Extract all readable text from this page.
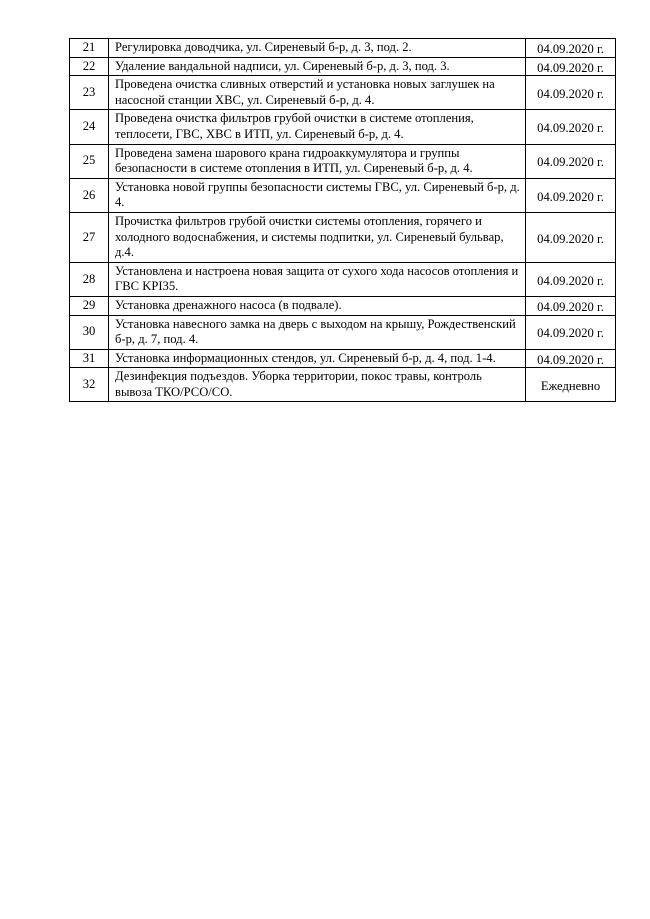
21	Регулировка доводчика, ул. Сиреневый б-р, д. 3, под. 2.	04.09.2020 г.
22	Удаление вандальной надписи, ул. Сиреневый б-р, д. 3, под. 3.	04.09.2020 г.
23	Проведена очистка сливных отверстий и установка новых заглушек на насосной станции ХВС, ул. Сиреневый б-р, д. 4.	04.09.2020 г.
24	Проведена очистка фильтров грубой очистки в системе отопления, теплосети, ГВС, ХВС в ИТП, ул. Сиреневый б-р, д. 4.	04.09.2020 г.
25	Проведена замена шарового крана гидроаккумулятора и группы безопасности в системе отопления в ИТП, ул. Сиреневый б-р, д. 4.	04.09.2020 г.
26	Установка новой группы безопасности системы ГВС, ул. Сиреневый б-р, д. 4.	04.09.2020 г.
27	Прочистка фильтров грубой очистки системы отопления, горячего и холодного водоснабжения, и системы подпитки, ул. Сиреневый бульвар, д.4.	04.09.2020 г.
28	Установлена и настроена новая защита от сухого хода насосов отопления и ГВС KPI35.	04.09.2020 г.
29	Установка дренажного насоса (в подвале).	04.09.2020 г.
30	Установка навесного замка на дверь с выходом на крышу, Рождественский б-р, д. 7, под. 4.	04.09.2020 г.
31	Установка информационных стендов, ул. Сиреневый б-р, д. 4, под. 1-4.	04.09.2020 г.
32	Дезинфекция подъездов. Уборка территории, покос травы, контроль вывоза ТКО/РСО/СО.	Ежедневно
